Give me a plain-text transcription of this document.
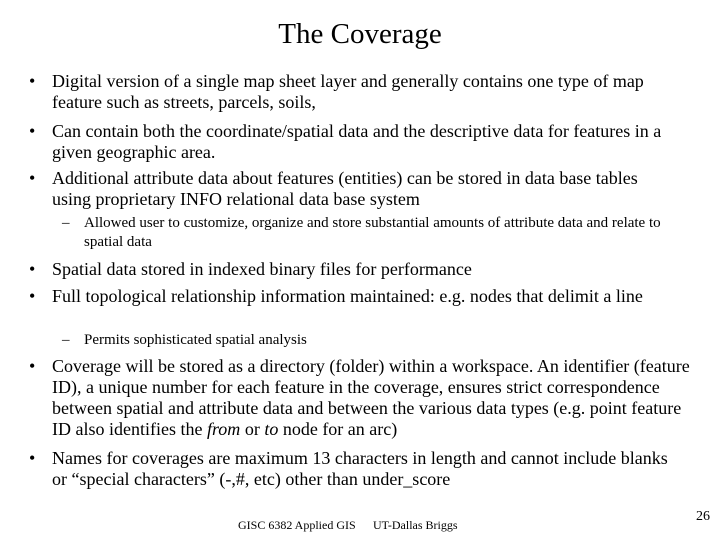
The Coverage
• Digital version of a single map sheet layer and generally contains one type of map feature such as streets, parcels, soils,
• Can contain both the coordinate/spatial data and the descriptive data for features in a given geographic area.
• Additional attribute data about features (entities) can be stored in data base tables using proprietary INFO relational data base system
– Allowed user to customize, organize and store substantial amounts of attribute data and relate to spatial data
• Spatial data stored in indexed binary files for performance
• Full topological relationship information maintained: e.g. nodes that delimit a line
– Permits sophisticated spatial analysis
• Coverage will be stored as a directory (folder) within a workspace. An identifier (feature ID), a unique number for each feature in the coverage, ensures strict correspondence between spatial and attribute data and between the various data types (e.g. point feature ID also identifies the from or to node for an arc)
• Names for coverages are maximum 13 characters in length and cannot include blanks or “special characters” (-,#, etc) other than under_score
GISC 6382 Applied GIS UT-Dallas Briggs
26
